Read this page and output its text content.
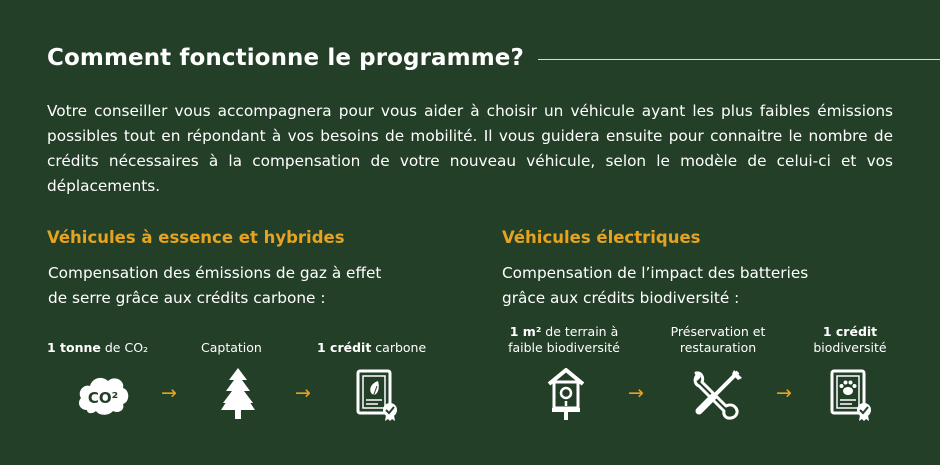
Comment fonctionne le programme?

Votre conseiller vous accompagnera pour vous aider à choisir un véhicule ayant les plus faibles émissions possibles tout en répondant à vos besoins de mobilité. Il vous guidera ensuite pour connaitre le nombre de crédits nécessaires à la compensation de votre nouveau véhicule, selon le modèle de celui-ci et vos déplacements.

Véhicules à essence et hybrides

Compensation des émissions de gaz à effet
de serre grâce aux crédits carbone :

1 tonne de CO₂	Captation	1 crédit carbone
CO² →	→
Véhicules électriques

Compensation de l’impact des batteries
grâce aux crédits biodiversité :

1 m² de terrain à
faible biodiversité
Préservation et
restauration
1 crédit
biodiversité
→	→
